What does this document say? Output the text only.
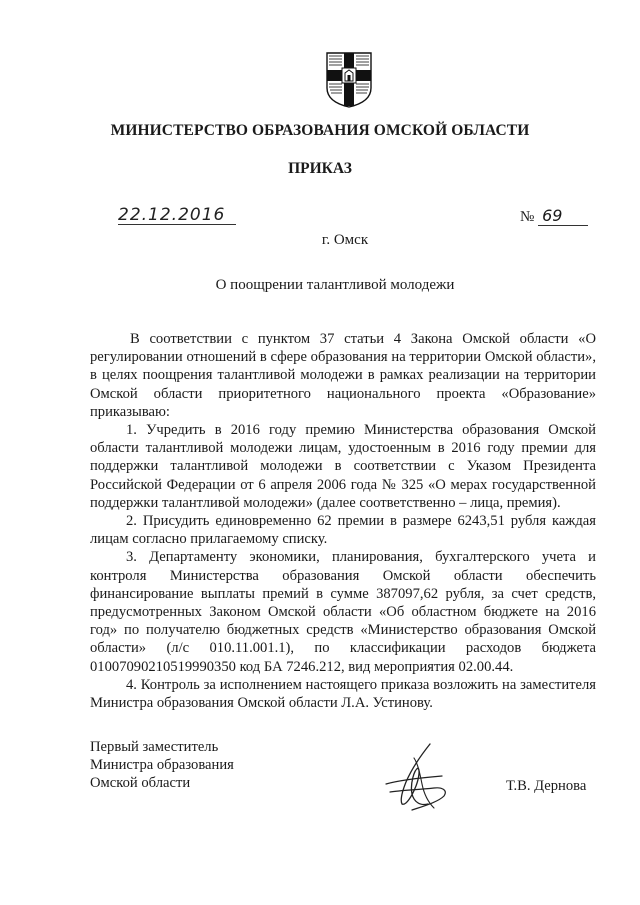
МИНИСТЕРСТВО ОБРАЗОВАНИЯ ОМСКОЙ ОБЛАСТИ
ПРИКАЗ
22.12.2016	№ 69
г. Омск
О поощрении талантливой молодежи

В соответствии с пунктом 37 статьи 4 Закона Омской области «О регулировании отношений в сфере образования на территории Омской области», в целях поощрения талантливой молодежи в рамках реализации на территории Омской области приоритетного национального проекта «Образование» приказываю:

1. Учредить в 2016 году премию Министерства образования Омской области талантливой молодежи лицам, удостоенным в 2016 году премии для поддержки талантливой молодежи в соответствии с Указом Президента Российской Федерации от 6 апреля 2006 года № 325 «О мерах государственной поддержки талантливой молодежи» (далее соответственно – лица, премия).

2. Присудить единовременно 62 премии в размере 6243,51 рубля каждая лицам согласно прилагаемому списку.

3. Департаменту экономики, планирования, бухгалтерского учета и контроля Министерства образования Омской области обеспечить финансирование выплаты премий в сумме 387097,62 рубля, за счет средств, предусмотренных Законом Омской области «Об областном бюджете на 2016 год» по получателю бюджетных средств «Министерство образования Омской области» (л/с 010.11.001.1), по классификации расходов бюджета 01007090210519990350 код БА 7246.212, вид мероприятия 02.00.44.

4. Контроль за исполнением настоящего приказа возложить на заместителя Министра образования Омской области Л.А. Устинову.

Первый заместитель
Министра образования
Омской области	Т.В. Дернова
